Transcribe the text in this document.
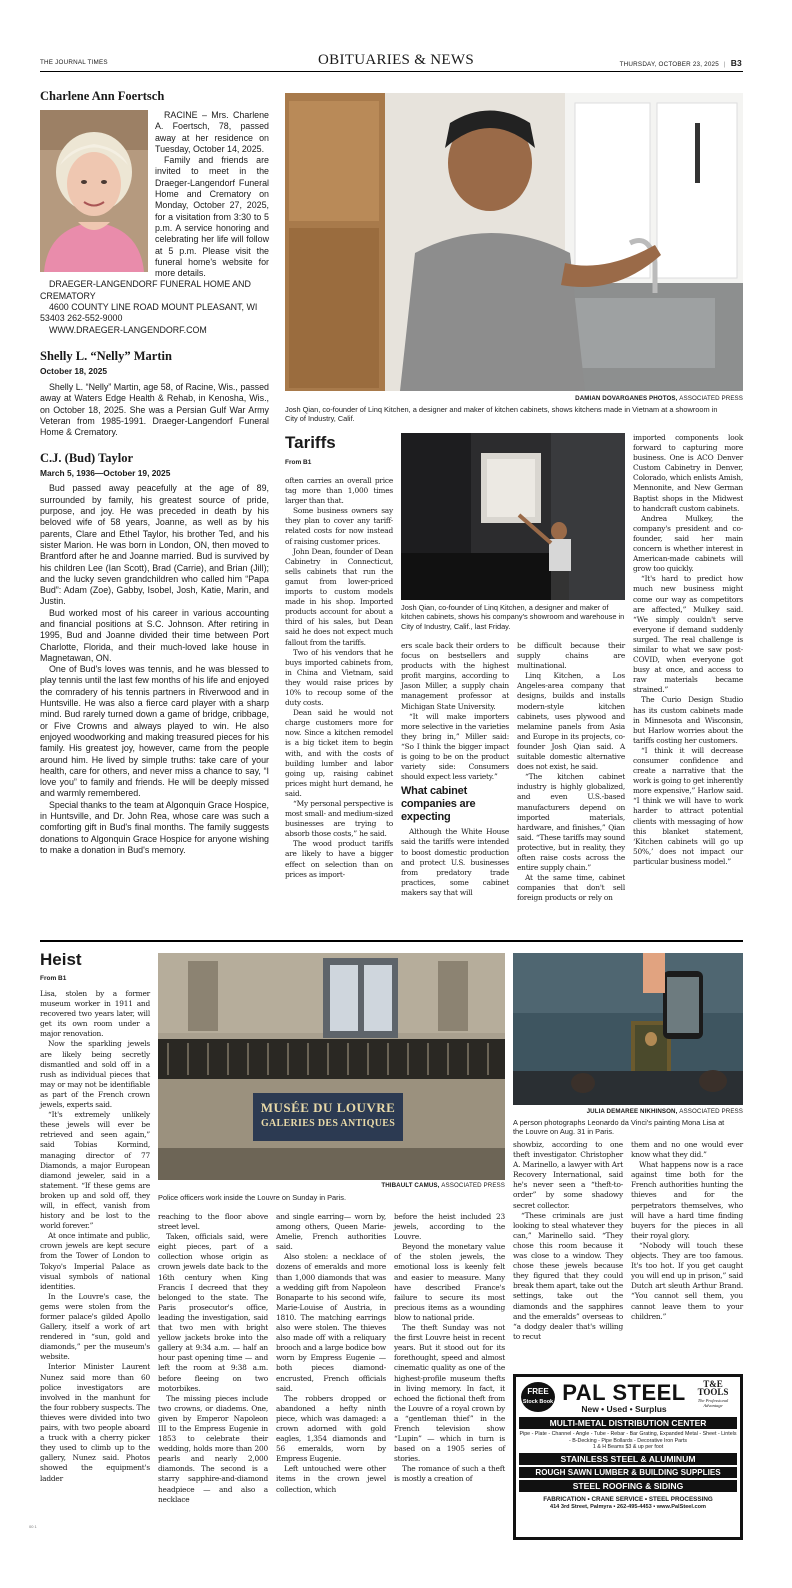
THE JOURNAL TIMES	OBITUARIES & NEWS	THURSDAY, OCTOBER 23, 2025 | B3
Charlene Ann Foertsch

RACINE – Mrs. Charlene A. Foertsch, 78, passed away at her residence on Tuesday, October 14, 2025.

Family and friends are invited to meet in the Draeger-Langendorf Funeral Home and Crematory on Monday, October 27, 2025, for a visitation from 3:30 to 5 p.m. A service honoring and celebrating her life will follow at 5 p.m. Please visit the funeral home's website for more details.

DRAEGER-LANGENDORF FUNERAL HOME AND CREMATORY

4600 COUNTY LINE ROAD MOUNT PLEASANT, WI 53403 262-552-9000

WWW.DRAEGER-LANGENDORF.COM

Shelly L. “Nelly” Martin
October 18, 2025

Shelly L. “Nelly” Martin, age 58, of Racine, Wis., passed away at Waters Edge Health & Rehab, in Kenosha, Wis., on October 18, 2025. She was a Persian Gulf War Army Veteran from 1985-1991. Draeger-Langendorf Funeral Home & Crematory.

C.J. (Bud) Taylor
March 5, 1936—October 19, 2025

Bud passed away peacefully at the age of 89, surrounded by family, his greatest source of pride, purpose, and joy. He was preceded in death by his beloved wife of 58 years, Joanne, as well as by his parents, Clare and Ethel Taylor, his brother Ted, and his sister Marion. He was born in London, ON, then moved to Brantford after he and Joanne married. Bud is survived by his children Lee (Ian Scott), Brad (Carrie), and Brian (Jill); and the lucky seven grandchildren who called him “Papa Bud”: Adam (Zoe), Gabby, Isobel, Josh, Katie, Marin, and Justin.

Bud worked most of his career in various accounting and financial positions at S.C. Johnson. After retiring in 1995, Bud and Joanne divided their time between Port Charlotte, Florida, and their much-loved lake house in Magnetawan, ON.

One of Bud's loves was tennis, and he was blessed to play tennis until the last few months of his life and enjoyed the comradery of his tennis partners in Riverwood and in Huntsville. He was also a fierce card player with a sharp mind. Bud rarely turned down a game of bridge, cribbage, or Five Crowns and always played to win. He also enjoyed woodworking and making treasured pieces for his family. His greatest joy, however, came from the people around him. He lived by simple truths: take care of your health, care for others, and never miss a chance to say, “I love you” to family and friends. He will be deeply missed and warmly remembered.

Special thanks to the team at Algonquin Grace Hospice, in Huntsville, and Dr. John Rea, whose care was such a comforting gift in Bud's final months. The family suggests donations to Algonquin Grace Hospice for anyone wishing to make a donation in Bud's memory.

DAMIAN DOVARGANES PHOTOS, ASSOCIATED PRESS
Josh Qian, co-founder of Linq Kitchen, a designer and maker of kitchen cabinets, shows kitchens made in Vietnam at a showroom in City of Industry, Calif.
Tariffs
From B1

often carries an overall price tag more than 1,000 times larger than that.

Some business owners say they plan to cover any tariff-related costs for now instead of raising customer prices.

John Dean, founder of Dean Cabinetry in Connecticut, sells cabinets that run the gamut from lower-priced imports to custom models made in his shop. Imported products account for about a third of his sales, but Dean said he does not expect much fallout from the tariffs.

Two of his vendors that he buys imported cabinets from, in China and Vietnam, said they would raise prices by 10% to recoup some of the duty costs.

Dean said he would not charge customers more for now. Since a kitchen remodel is a big ticket item to begin with, and with the costs of building lumber and labor going up, raising cabinet prices might hurt demand, he said.

“My personal perspective is most small- and medium-sized businesses are trying to absorb those costs,” he said.

The wood product tariffs are likely to have a bigger effect on selection than on prices as import-

Josh Qian, co-founder of Linq Kitchen, a designer and maker of kitchen cabinets, shows his company's showroom and warehouse in City of Industry, Calif., last Friday.

ers scale back their orders to focus on bestsellers and products with the highest profit margins, according to Jason Miller, a supply chain management professor at Michigan State University.

“It will make importers more selective in the varieties they bring in,” Miller said: “So I think the bigger impact is going to be on the product variety side: Consumers should expect less variety.”

What cabinet companies are expecting

Although the White House said the tariffs were intended to boost domestic production and protect U.S. businesses from predatory trade practices, some cabinet makers say that will

be difficult because their supply chains are multinational.

Linq Kitchen, a Los Angeles-area company that designs, builds and installs modern-style kitchen cabinets, uses plywood and melamine panels from Asia and Europe in its projects, co-founder Josh Qian said. A suitable domestic alternative does not exist, he said.

“The kitchen cabinet industry is highly globalized, and even U.S.-based manufacturers depend on imported materials, hardware, and finishes,” Qian said. “These tariffs may sound protective, but in reality, they often raise costs across the entire supply chain.”

At the same time, cabinet companies that don't sell foreign products or rely on

imported components look forward to capturing more business. One is ACO Denver Custom Cabinetry in Denver, Colorado, which enlists Amish, Mennonite, and New German Baptist shops in the Midwest to handcraft custom cabinets.

Andrea Mulkey, the company's president and co-founder, said her main concern is whether interest in American-made cabinets will grow too quickly.

“It's hard to predict how much new business might come our way as competitors are affected,” Mulkey said. “We simply couldn't serve everyone if demand suddenly surged. The real challenge is similar to what we saw post-COVID, when everyone got busy at once, and access to raw materials became strained.”

The Curio Design Studio has its custom cabinets made in Minnesota and Wisconsin, but Harlow worries about the tariffs costing her customers.

“I think it will decrease consumer confidence and create a narrative that the work is going to get inherently more expensive,” Harlow said. “I think we will have to work harder to attract potential clients with messaging of how this blanket statement, ‘Kitchen cabinets will go up 50%,’ does not impact our particular business model.”

Heist
From B1

Lisa, stolen by a former museum worker in 1911 and recovered two years later, will get its own room under a major renovation.

Now the sparkling jewels are likely being secretly dismantled and sold off in a rush as individual pieces that may or may not be identifiable as part of the French crown jewels, experts said.

“It's extremely unlikely these jewels will ever be retrieved and seen again,” said Tobias Kormind, managing director of 77 Diamonds, a major European diamond jeweler, said in a statement. “If these gems are broken up and sold off, they will, in effect, vanish from history and be lost to the world forever.”

At once intimate and public, crown jewels are kept secure from the Tower of London to Tokyo's Imperial Palace as visual symbols of national identities.

In the Louvre's case, the gems were stolen from the former palace's gilded Apollo Gallery, itself a work of art rendered in “sun, gold and diamonds,” per the museum's website.

Interior Minister Laurent Nunez said more than 60 police investigators are involved in the manhunt for the four robbery suspects. The thieves were divided into two pairs, with two people aboard a truck with a cherry picker they used to climb up to the gallery, Nunez said. Photos showed the equipment's ladder

MUSÉE DU LOUVRE
GALERIES DES ANTIQUES
THIBAULT CAMUS, ASSOCIATED PRESS
Police officers work inside the Louvre on Sunday in Paris.
JULIA DEMAREE NIKHINSON, ASSOCIATED PRESS
A person photographs Leonardo da Vinci's painting Mona Lisa at the Louvre on Aug. 31 in Paris.

reaching to the floor above street level.

Taken, officials said, were eight pieces, part of a collection whose origin as crown jewels date back to the 16th century when King Francis I decreed that they belonged to the state. The Paris prosecutor's office, leading the investigation, said that two men with bright yellow jackets broke into the gallery at 9:34 a.m. — half an hour past opening time — and left the room at 9:38 a.m. before fleeing on two motorbikes.

The missing pieces include two crowns, or diadems. One, given by Emperor Napoleon III to the Empress Eugenie in 1853 to celebrate their wedding, holds more than 200 pearls and nearly 2,000 diamonds. The second is a starry sapphire-and-diamond headpiece — and also a necklace

and single earring— worn by, among others, Queen Marie-Amelie, French authorities said.

Also stolen: a necklace of dozens of emeralds and more than 1,000 diamonds that was a wedding gift from Napoleon Bonaparte to his second wife, Marie-Louise of Austria, in 1810. The matching earrings also were stolen. The thieves also made off with a reliquary brooch and a large bodice bow worn by Empress Eugenie — both pieces diamond-encrusted, French officials said.

The robbers dropped or abandoned a hefty ninth piece, which was damaged: a crown adorned with gold eagles, 1,354 diamonds and 56 emeralds, worn by Empress Eugenie.

Left untouched were other items in the crown jewel collection, which

before the heist included 23 jewels, according to the Louvre.

Beyond the monetary value of the stolen jewels, the emotional loss is keenly felt and easier to measure. Many have described France's failure to secure its most precious items as a wounding blow to national pride.

The theft Sunday was not the first Louvre heist in recent years. But it stood out for its forethought, speed and almost cinematic quality as one of the highest-profile museum thefts in living memory. In fact, it echoed the fictional theft from the Louvre of a royal crown by a “gentleman thief” in the French television show “Lupin” — which in turn is based on a 1905 series of stories.

The romance of such a theft is mostly a creation of

showbiz, according to one theft investigator. Christopher A. Marinello, a lawyer with Art Recovery International, said he's never seen a “theft-to-order” by some shadowy secret collector.

“These criminals are just looking to steal whatever they can,” Marinello said. “They chose this room because it was close to a window. They chose these jewels because they figured that they could break them apart, take out the settings, take out the diamonds and the sapphires and the emeralds” overseas to “a dodgy dealer that's willing to recut

them and no one would ever know what they did.”

What happens now is a race against time both for the French authorities hunting the thieves and for the perpetrators themselves, who will have a hard time finding buyers for the pieces in all their royal glory.

“Nobody will touch these objects. They are too famous. It's too hot. If you get caught you will end up in prison,” said Dutch art sleuth Arthur Brand. “You cannot sell them, you cannot leave them to your children.”

FREE
Stock Book PAL STEEL
New • Used • Surplus
T&E
TOOLS
The Professional Advantage
MULTI-METAL DISTRIBUTION CENTER
Pipe - Plate - Channel - Angle - Tube - Rebar - Bar Grating, Expanded Metal - Sheet - Lintels - B-Decking - Pipe Bollards - Decorative Iron Parts
1 & H Beams $3 & up per foot
STAINLESS STEEL & ALUMINUM
ROUGH SAWN LUMBER & BUILDING SUPPLIES
STEEL ROOFING & SIDING
FABRICATION • CRANE SERVICE • STEEL PROCESSING
414 3rd Street, Palmyra • 262-495-4453 • www.PalSteel.com
00 1
